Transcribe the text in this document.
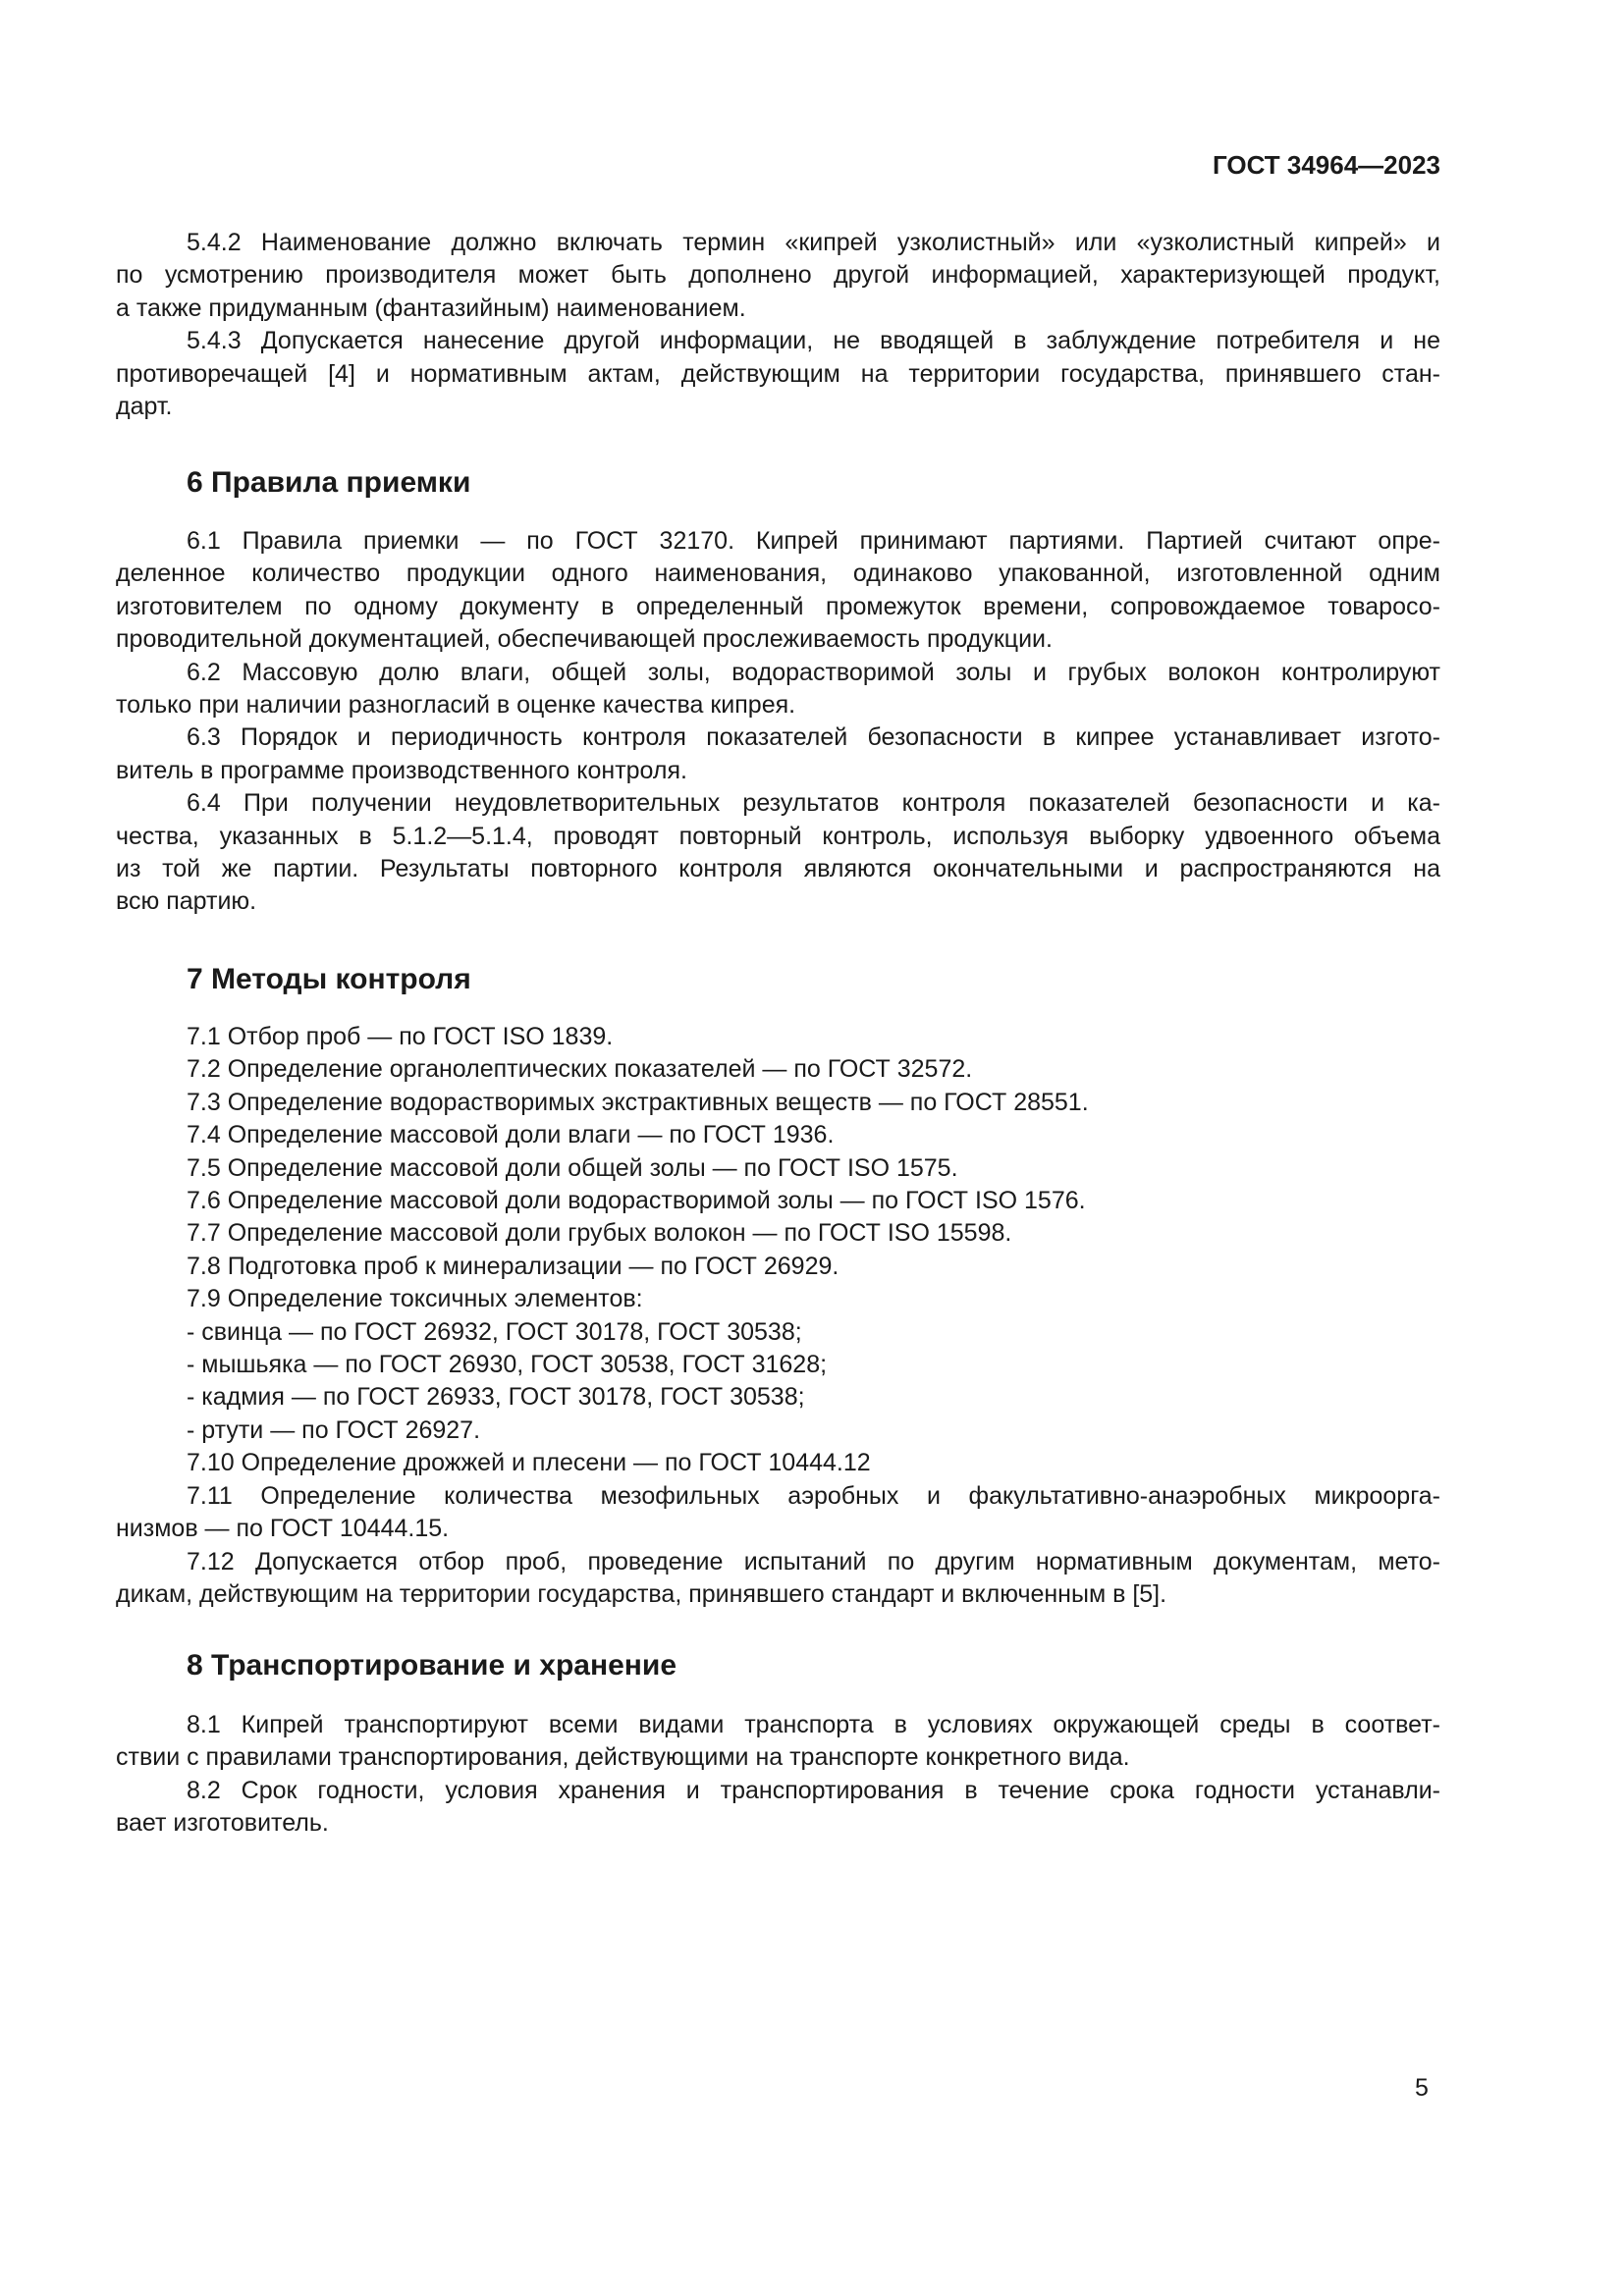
ГОСТ 34964—2023
5.4.2 Наименование должно включать термин «кипрей узколистный» или «узколистный кипрей» и
по усмотрению производителя может быть дополнено другой информацией, характеризующей продукт,
а также придуманным (фантазийным) наименованием.
5.4.3 Допускается нанесение другой информации, не вводящей в заблуждение потребителя и не
противоречащей [4] и нормативным актам, действующим на территории государства, принявшего стан-
дарт.
6 Правила приемки
6.1 Правила приемки — по ГОСТ 32170. Кипрей принимают партиями. Партией считают опре-
деленное количество продукции одного наименования, одинаково упакованной, изготовленной одним
изготовителем по одному документу в определенный промежуток времени, сопровождаемое товаросо-
проводительной документацией, обеспечивающей прослеживаемость продукции.
6.2 Массовую долю влаги, общей золы, водорастворимой золы и грубых волокон контролируют
только при наличии разногласий в оценке качества кипрея.
6.3 Порядок и периодичность контроля показателей безопасности в кипрее устанавливает изгото-
витель в программе производственного контроля.
6.4 При получении неудовлетворительных результатов контроля показателей безопасности и ка-
чества, указанных в 5.1.2—5.1.4, проводят повторный контроль, используя выборку удвоенного объема
из той же партии. Результаты повторного контроля являются окончательными и распространяются на
всю партию.
7 Методы контроля
7.1 Отбор проб — по ГОСТ ISO 1839.
7.2 Определение органолептических показателей — по ГОСТ 32572.
7.3 Определение водорастворимых экстрактивных веществ — по ГОСТ 28551.
7.4 Определение массовой доли влаги — по ГОСТ 1936.
7.5 Определение массовой доли общей золы — по ГОСТ ISO 1575.
7.6 Определение массовой доли водорастворимой золы — по ГОСТ ISO 1576.
7.7 Определение массовой доли грубых волокон — по ГОСТ ISO 15598.
7.8 Подготовка проб к минерализации — по ГОСТ 26929.
7.9 Определение токсичных элементов:
- свинца — по ГОСТ 26932, ГОСТ 30178, ГОСТ 30538;
- мышьяка — по ГОСТ 26930, ГОСТ 30538, ГОСТ 31628;
- кадмия — по ГОСТ 26933, ГОСТ 30178, ГОСТ 30538;
- ртути — по ГОСТ 26927.
7.10 Определение дрожжей и плесени — по ГОСТ 10444.12
7.11 Определение количества мезофильных аэробных и факультативно-анаэробных микроорга-
низмов — по ГОСТ 10444.15.
7.12 Допускается отбор проб, проведение испытаний по другим нормативным документам, мето-
дикам, действующим на территории государства, принявшего стандарт и включенным в [5].
8 Транспортирование и хранение
8.1 Кипрей транспортируют всеми видами транспорта в условиях окружающей среды в соответ-
ствии с правилами транспортирования, действующими на транспорте конкретного вида.
8.2 Срок годности, условия хранения и транспортирования в течение срока годности устанавли-
вает изготовитель.
5
